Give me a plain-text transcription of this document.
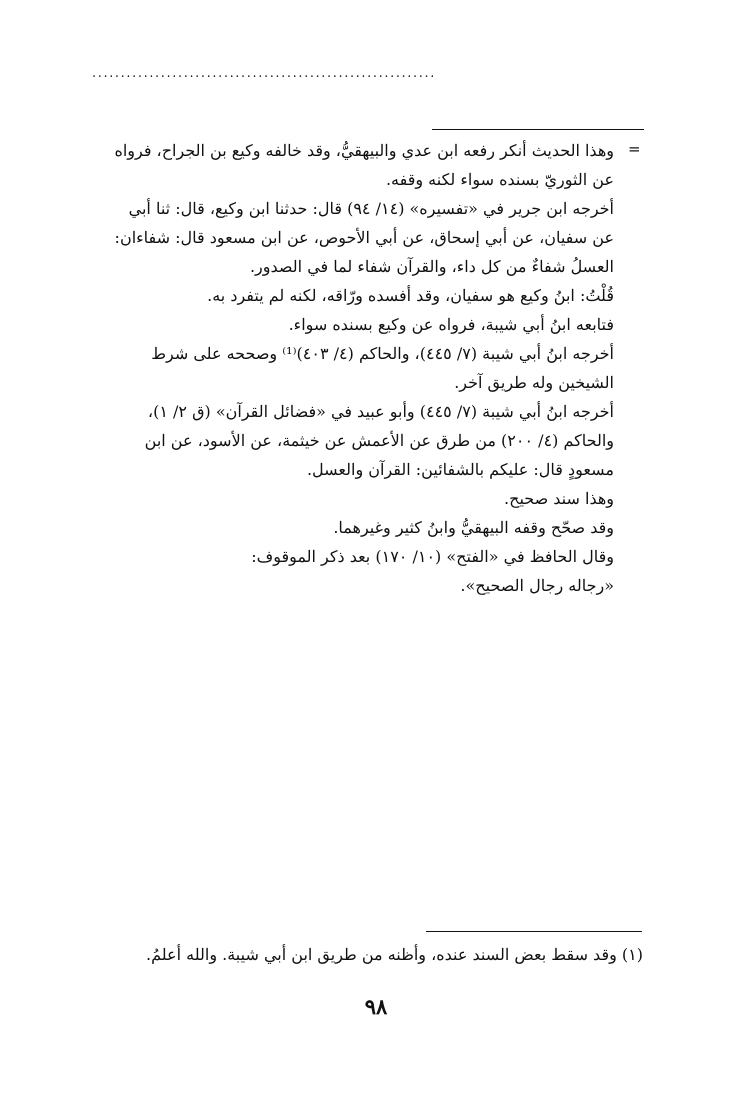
............................................................
=
وهذا الحديث أنكر رفعه ابن عدي والبيهقيُّ، وقد خالفه وكيع بن الجراح، فرواه
عن الثوريّ بسنده سواء لكنه وقفه.
أخرجه ابن جرير في «تفسيره» (١٤/ ٩٤) قال: حدثنا ابن وكيع، قال: ثنا أبي
عن سفيان، عن أبي إسحاق، عن أبي الأحوص، عن ابن مسعود قال: شفاءان:
العسلُ شفاءٌ من كل داء، والقرآن شفاء لما في الصدور.
قُلْتُ: ابنُ وكيع هو سفيان، وقد أفسده ورّاقه، لكنه لم يتفرد به.
فتابعه ابنُ أبي شيبة، فرواه عن وكيع بسنده سواء.
أخرجه ابنُ أبي شيبة (٧/ ٤٤٥)، والحاكم (٤/ ٤٠٣)⁽¹⁾ وصححه على شرط
الشيخين وله طريق آخر.
أخرجه ابنُ أبي شيبة (٧/ ٤٤٥) وأبو عبيد في «فضائل القرآن» (ق ٢/ ١)،
والحاكم (٤/ ٢٠٠) من طرق عن الأعمش عن خيثمة، عن الأسود، عن ابن
مسعودٍ قال: عليكم بالشفائين: القرآن والعسل.
وهذا سند صحيح.
وقد صحّح وقفه البيهقيُّ وابنُ كثير وغيرهما.
وقال الحافظ في «الفتح» (١٠/ ١٧٠) بعد ذكر الموقوف:
«رجاله رجال الصحيح».
(١) وقد سقط بعض السند عنده، وأظنه من طريق ابن أبي شيبة. والله أعلمُ.
٩٨
